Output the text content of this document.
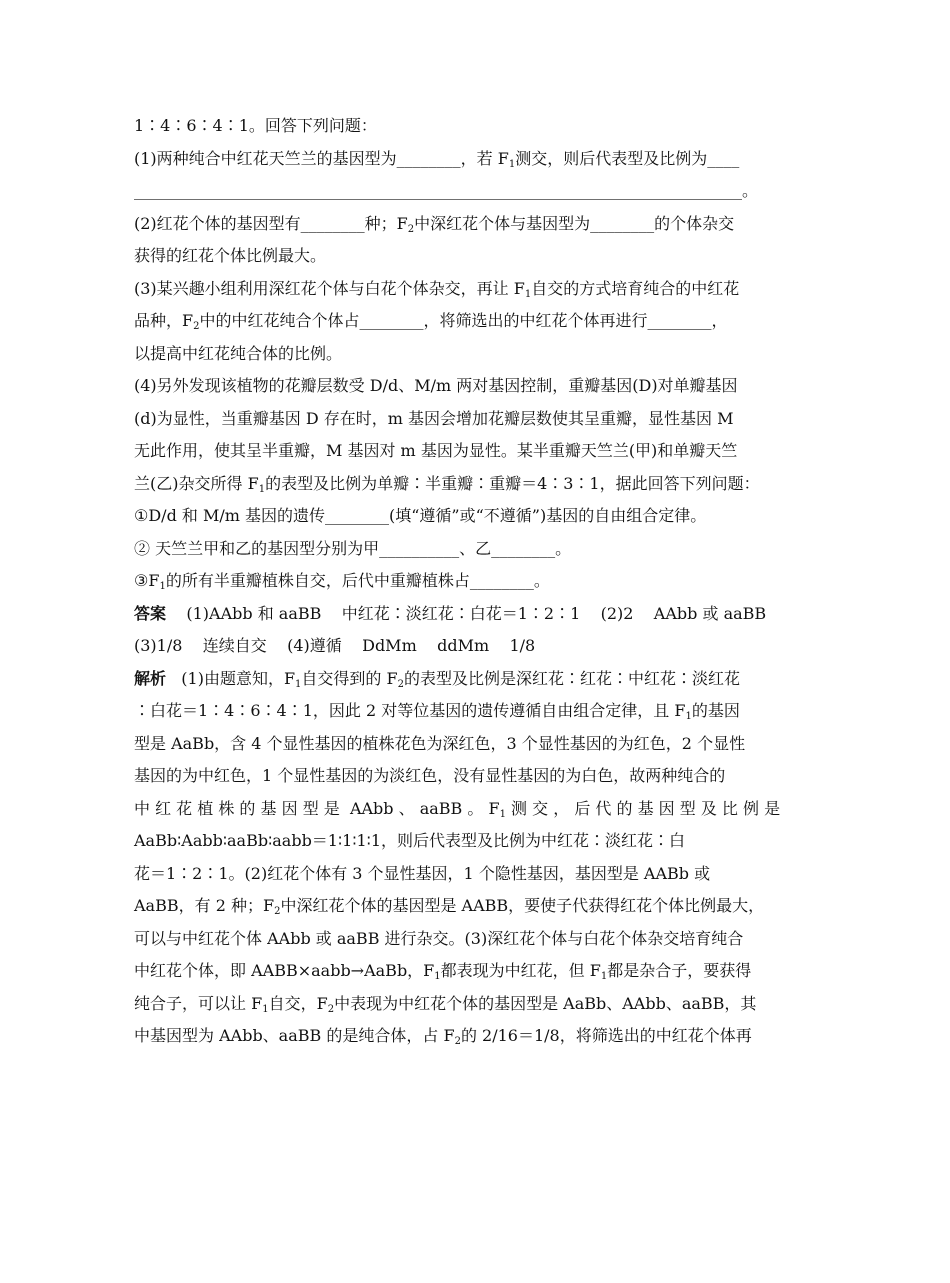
1∶4∶6∶4∶1。回答下列问题：
(1)两种纯合中红花天竺兰的基因型为________，若 $F_1$测交，则后代表型及比例为____
____________________________________________________________________________。
(2)红花个体的基因型有________种；$F_2$中深红花个体与基因型为________的个体杂交
获得的红花个体比例最大。
(3)某兴趣小组利用深红花个体与白花个体杂交，再让 $F_1$自交的方式培育纯合的中红花
品种，$F_2$中的中红花纯合个体占________，将筛选出的中红花个体再进行________，
以提高中红花纯合体的比例。
(4)另外发现该植物的花瓣层数受 D/d、M/m 两对基因控制，重瓣基因(D)对单瓣基因
(d)为显性，当重瓣基因 D 存在时，m 基因会增加花瓣层数使其呈重瓣，显性基因 M
无此作用，使其呈半重瓣，M 基因对 m 基因为显性。某半重瓣天竺兰(甲)和单瓣天竺
兰(乙)杂交所得 $F_1$的表型及比例为单瓣∶半重瓣∶重瓣＝4∶3∶1，据此回答下列问题：
①D/d 和 M/m 基因的遗传________(填“遵循”或“不遵循”)基因的自由组合定律。
② 天竺兰甲和乙的基因型分别为甲__________、乙________。
$③F_1$的所有半重瓣植株自交，后代中重瓣植株占________。
答案    (1)AAbb 和 aaBB    中红花∶淡红花∶白花＝1∶2∶1    (2)2    AAbb 或 aaBB
(3)1/8    连续自交    (4)遵循    DdMm    ddMm    1/8
解析   (1)由题意知，$F_1$自交得到的 $F_2$的表型及比例是深红花∶红花∶中红花∶淡红花
∶白花＝1∶4∶6∶4∶1，因此 2 对等位基因的遗传遵循自由组合定律，且 $F_1$的基因
型是 AaBb，含 4 个显性基因的植株花色为深红色，3 个显性基因的为红色，2 个显性
基因的为中红色，1 个显性基因的为淡红色，没有显性基因的为白色，故两种纯合的
中 红 花 植 株 的 基 因 型 是  AAbb 、 aaBB 。 $F_1$ 测 交 ， 后 代 的 基 因 型 及 比 例 是
AaBb∶Aabb∶aaBb∶aabb＝1∶1∶1∶1，则后代表型及比例为中红花∶淡红花∶白
花＝1∶2∶1。(2)红花个体有 3 个显性基因，1 个隐性基因，基因型是 AABb 或
AaBB，有 2 种；$F_2$中深红花个体的基因型是 AABB，要使子代获得红花个体比例最大，
可以与中红花个体 AAbb 或 aaBB 进行杂交。(3)深红花个体与白花个体杂交培育纯合
中红花个体，即 AABB×aabb→AaBb，$F_1$都表现为中红花，但 $F_1$都是杂合子，要获得
纯合子，可以让 $F_1$自交，$F_2$中表现为中红花个体的基因型是 AaBb、AAbb、aaBB，其
中基因型为 AAbb、aaBB 的是纯合体，占 $F_2$的 2/16＝1/8，将筛选出的中红花个体再
